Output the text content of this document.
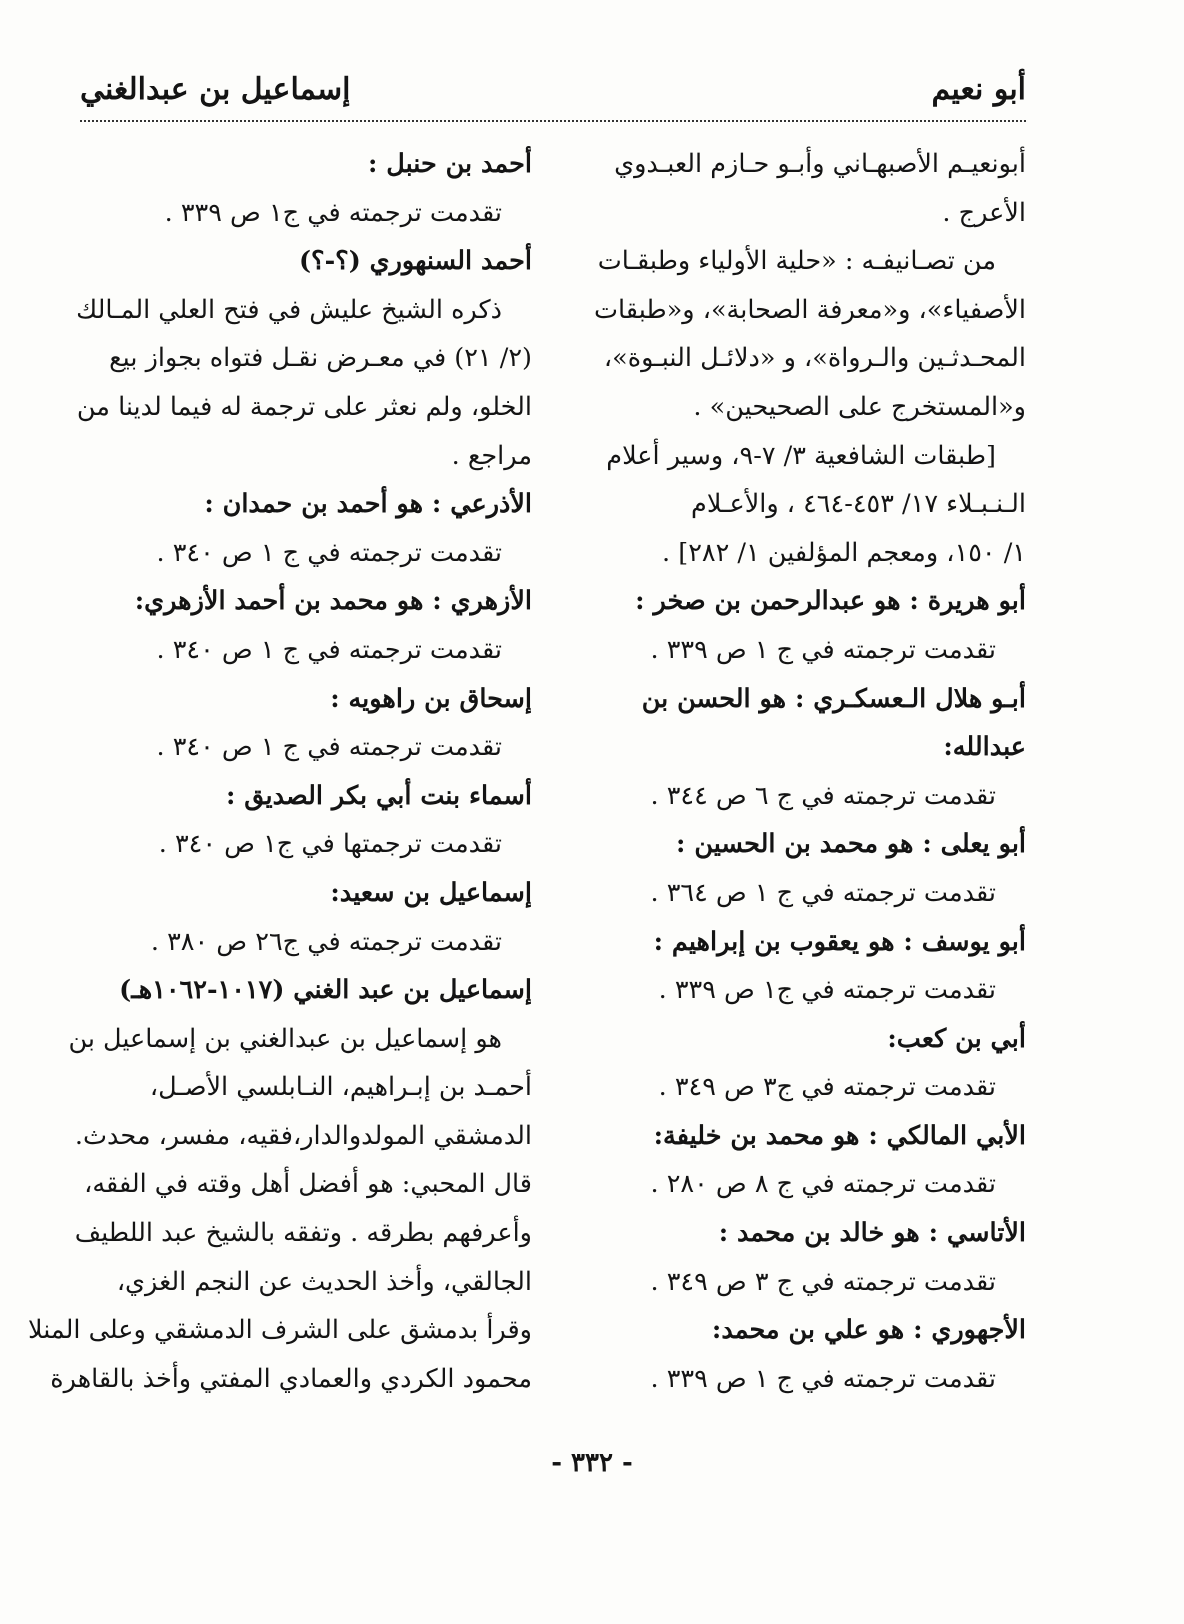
أبو نعيم
إسماعيل بن عبدالغني
أبونعيـم الأصبهـاني وأبـو حـازم العبـدوي
الأعرج .
من تصـانيفـه : «حلية الأولياء وطبقـات
الأصفياء»، و«معرفة الصحابة»، و«طبقات
المحـدثـين والـرواة»، و «دلائـل النبـوة»،
و«المستخرج على الصحيحين» .
[طبقات الشافعية ٣/ ٧-٩، وسير أعلام
الـنـبـلاء ١٧/ ٤٥٣-٤٦٤ ، والأعـلام
١/ ١٥٠، ومعجم المؤلفين ١/ ٢٨٢] .
أبو هريرة : هو عبدالرحمن بن صخر :
تقدمت ترجمته في ج ١ ص ٣٣٩ .
أبـو هلال الـعسكـري : هو الحسن بن
عبدالله:
تقدمت ترجمته في ج ٦ ص ٣٤٤ .
أبو يعلى : هو محمد بن الحسين :
تقدمت ترجمته في ج ١ ص ٣٦٤ .
أبو يوسف : هو يعقوب بن إبراهيم :
تقدمت ترجمته في ج١ ص ٣٣٩ .
أبي بن كعب:
تقدمت ترجمته في ج٣ ص ٣٤٩ .
الأبي المالكي : هو محمد بن خليفة:
تقدمت ترجمته في ج ٨ ص ٢٨٠ .
الأتاسي : هو خالد بن محمد :
تقدمت ترجمته في ج ٣ ص ٣٤٩ .
الأجهوري : هو علي بن محمد:
تقدمت ترجمته في ج ١ ص ٣٣٩ .
أحمد بن حنبل :
تقدمت ترجمته في ج١ ص ٣٣٩ .
أحمد السنهوري (؟-؟)
ذكره الشيخ عليش في فتح العلي المـالك
(٢/ ٢١) في معـرض نقـل فتواه بجواز بيع
الخلو، ولم نعثر على ترجمة له فيما لدينا من
مراجع .
الأذرعي : هو أحمد بن حمدان :
تقدمت ترجمته في ج ١ ص ٣٤٠ .
الأزهري : هو محمد بن أحمد الأزهري:
تقدمت ترجمته في ج ١ ص ٣٤٠ .
إسحاق بن راهويه :
تقدمت ترجمته في ج ١ ص ٣٤٠ .
أسماء بنت أبي بكر الصديق :
تقدمت ترجمتها في ج١ ص ٣٤٠ .
إسماعيل بن سعيد:
تقدمت ترجمته في ج٢٦ ص ٣٨٠ .
إسماعيل بن عبد الغني (١٠١٧-١٠٦٢هـ)
هو إسماعيل بن عبدالغني بن إسماعيل بن
أحمـد بن إبـراهيم، النـابلسي الأصـل،
الدمشقي المولدوالدار،فقيه، مفسر، محدث.
قال المحبي: هو أفضل أهل وقته في الفقه،
وأعرفهم بطرقه . وتفقه بالشيخ عبد اللطيف
الجالقي، وأخذ الحديث عن النجم الغزي،
وقرأ بدمشق على الشرف الدمشقي وعلى المنلا
محمود الكردي والعمادي المفتي وأخذ بالقاهرة
- ٣٣٢ -
